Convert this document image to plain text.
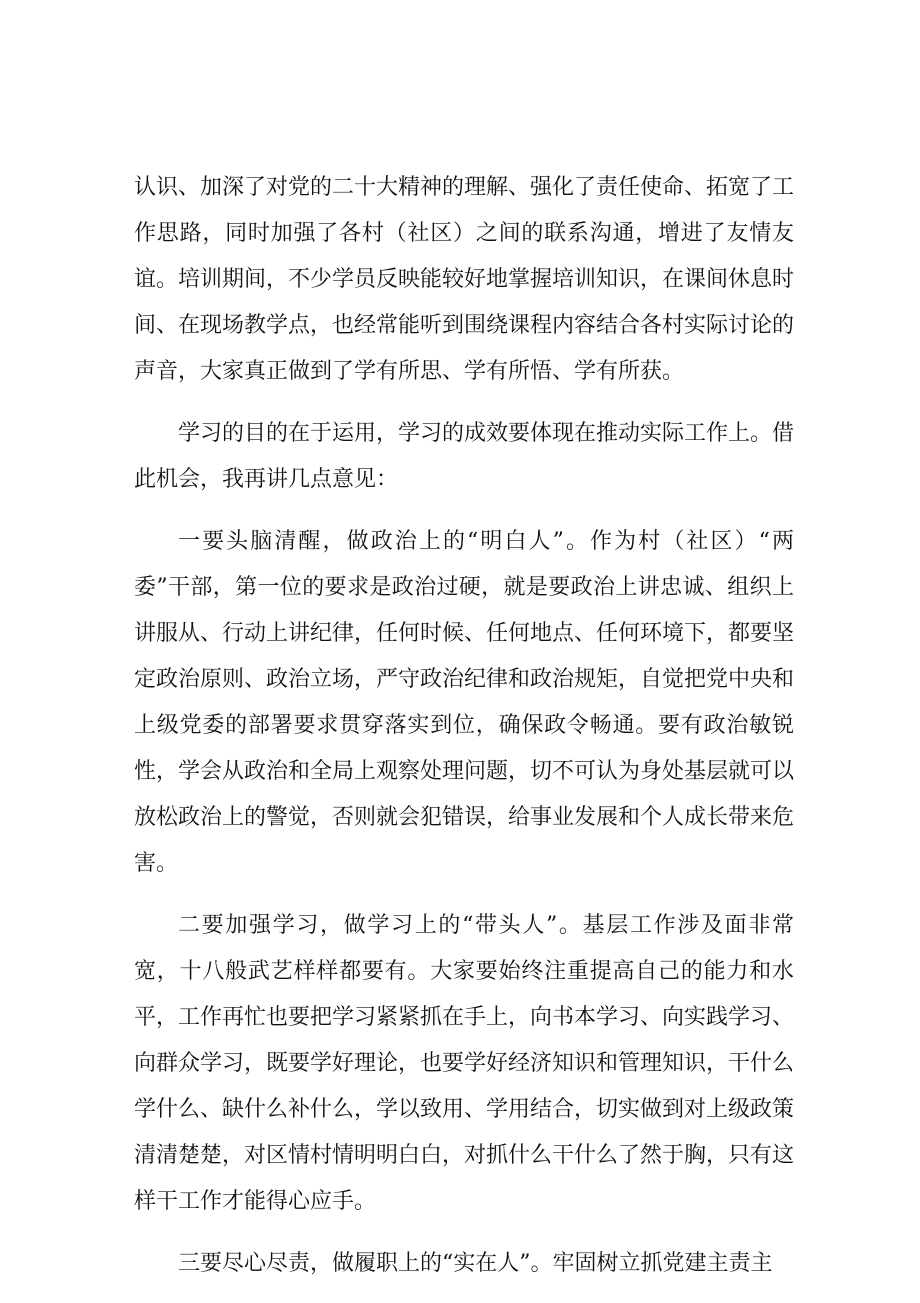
认识、加深了对党的二十大精神的理解、强化了责任使命、拓宽了工作思路，同时加强了各村（社区）之间的联系沟通，增进了友情友谊。培训期间，不少学员反映能较好地掌握培训知识，在课间休息时间、在现场教学点，也经常能听到围绕课程内容结合各村实际讨论的声音，大家真正做到了学有所思、学有所悟、学有所获。

学习的目的在于运用，学习的成效要体现在推动实际工作上。借此机会，我再讲几点意见：

一要头脑清醒，做政治上的“明白人”。作为村（社区）“两委”干部，第一位的要求是政治过硬，就是要政治上讲忠诚、组织上讲服从、行动上讲纪律，任何时候、任何地点、任何环境下，都要坚定政治原则、政治立场，严守政治纪律和政治规矩，自觉把党中央和上级党委的部署要求贯穿落实到位，确保政令畅通。要有政治敏锐性，学会从政治和全局上观察处理问题，切不可认为身处基层就可以放松政治上的警觉，否则就会犯错误，给事业发展和个人成长带来危害。

二要加强学习，做学习上的“带头人”。基层工作涉及面非常宽，十八般武艺样样都要有。大家要始终注重提高自己的能力和水平，工作再忙也要把学习紧紧抓在手上，向书本学习、向实践学习、向群众学习，既要学好理论，也要学好经济知识和管理知识，干什么学什么、缺什么补什么，学以致用、学用结合，切实做到对上级政策清清楚楚，对区情村情明明白白，对抓什么干什么了然于胸，只有这样干工作才能得心应手。

三要尽心尽责，做履职上的“实在人”。牢固树立抓党建主责主
